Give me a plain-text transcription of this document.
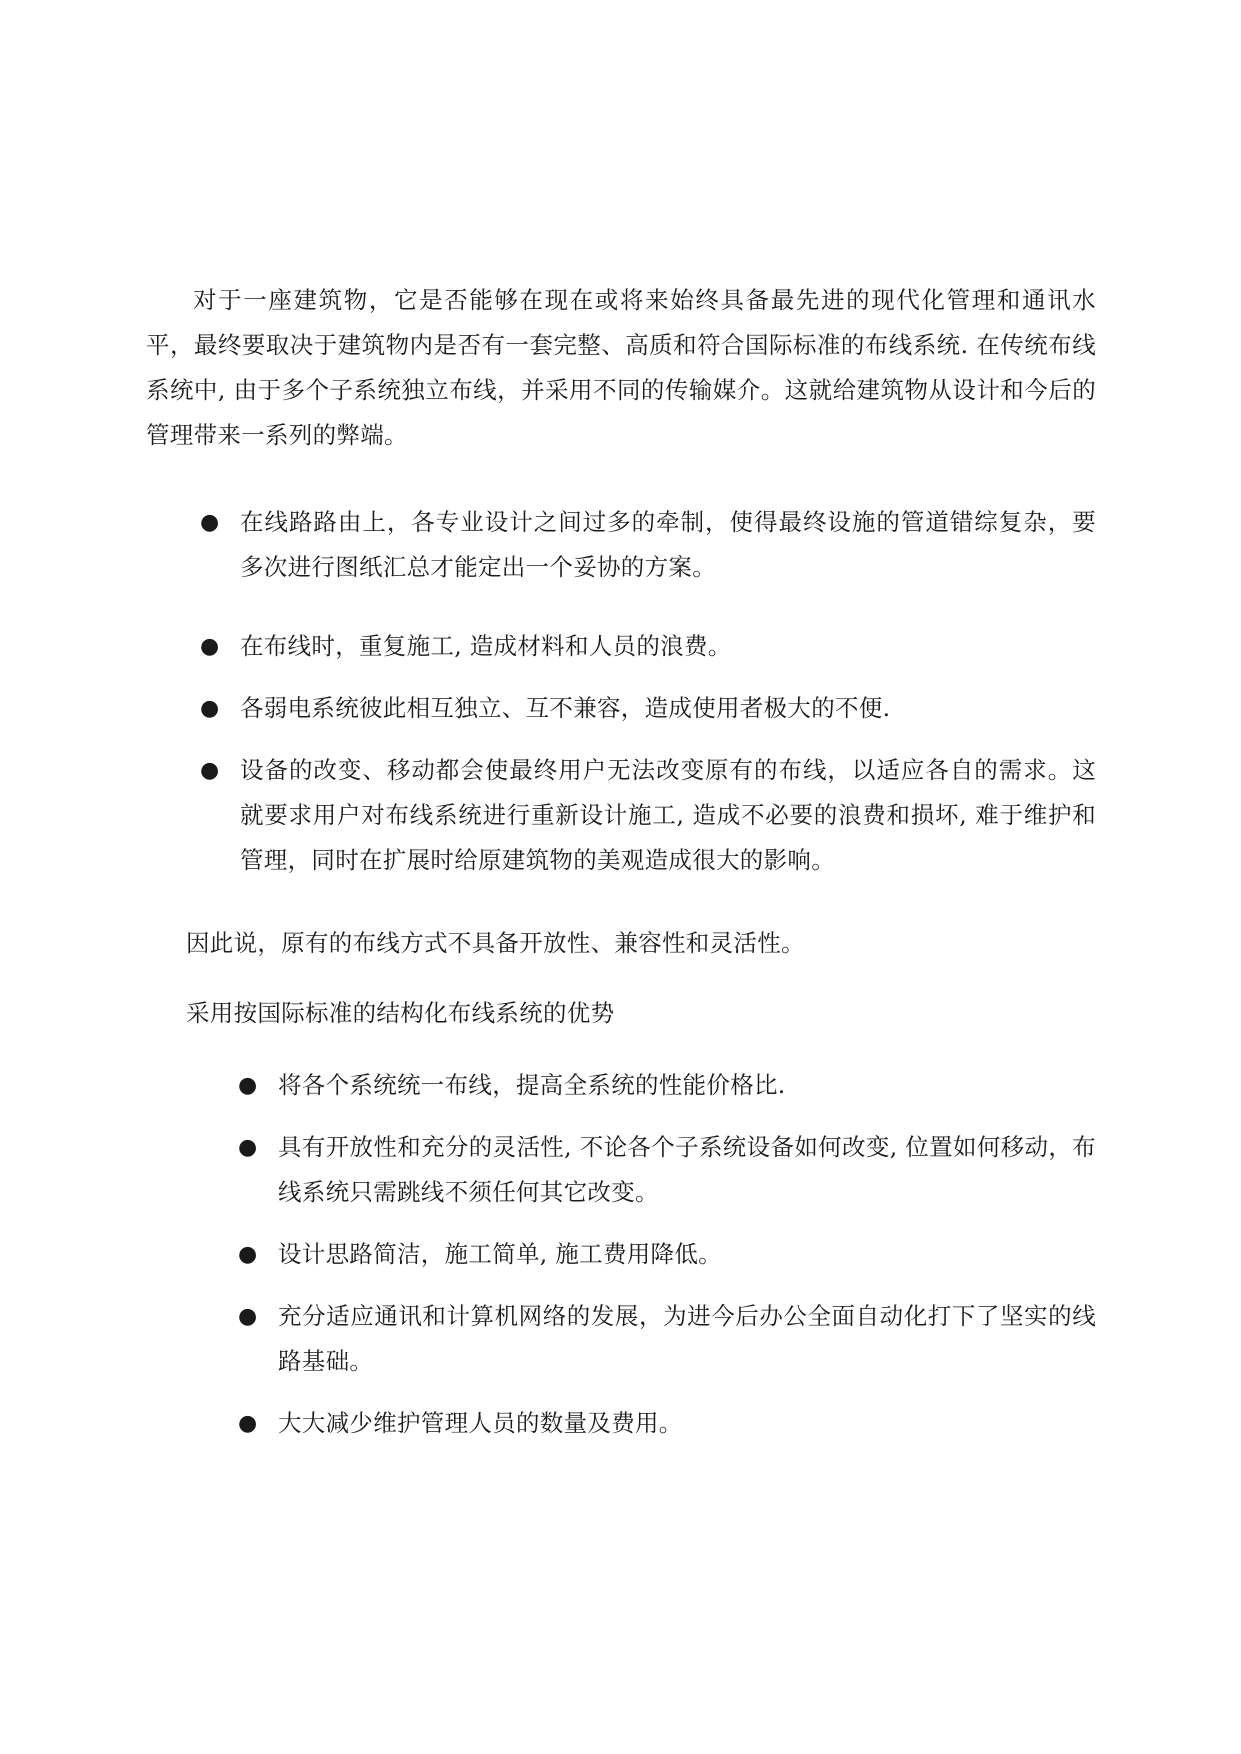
对于一座建筑物，它是否能够在现在或将来始终具备最先进的现代化管理和通讯水平，最终要取决于建筑物内是否有一套完整、高质和符合国际标准的布线系统. 在传统布线系统中, 由于多个子系统独立布线，并采用不同的传输媒介。这就给建筑物从设计和今后的管理带来一系列的弊端。

● 在线路路由上，各专业设计之间过多的牵制，使得最终设施的管道错综复杂，要多次进行图纸汇总才能定出一个妥协的方案。
● 在布线时，重复施工, 造成材料和人员的浪费。
● 各弱电系统彼此相互独立、互不兼容，造成使用者极大的不便.
● 设备的改变、移动都会使最终用户无法改变原有的布线，以适应各自的需求。这就要求用户对布线系统进行重新设计施工, 造成不必要的浪费和损坏, 难于维护和管理，同时在扩展时给原建筑物的美观造成很大的影响。

因此说，原有的布线方式不具备开放性、兼容性和灵活性。

采用按国际标准的结构化布线系统的优势

● 将各个系统统一布线，提高全系统的性能价格比.
● 具有开放性和充分的灵活性, 不论各个子系统设备如何改变, 位置如何移动，布线系统只需跳线不须任何其它改变。
● 设计思路简洁，施工简单, 施工费用降低。
● 充分适应通讯和计算机网络的发展，为进今后办公全面自动化打下了坚实的线路基础。
● 大大减少维护管理人员的数量及费用。
